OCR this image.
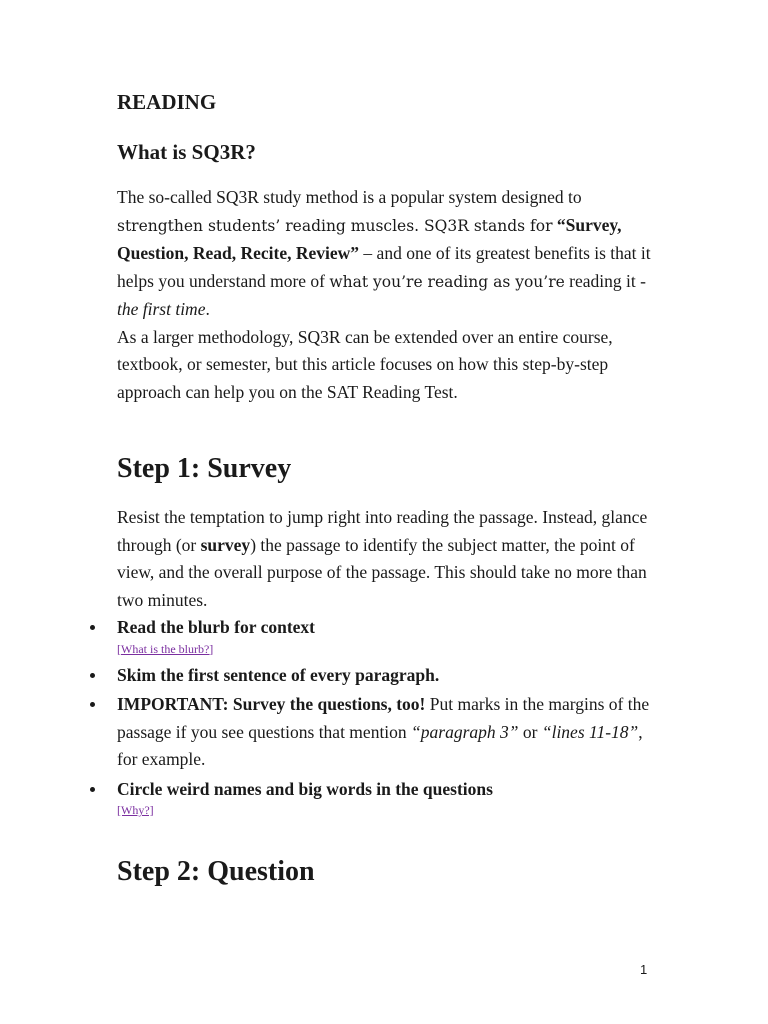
READING
What is SQ3R?

The so-called SQ3R study method is a popular system designed to strengthen students’ reading muscles. SQ3R stands for “Survey, Question, Read, Recite, Review” – and one of its greatest benefits is that it helps you understand more of what you’re reading as you’re reading it - the first time.

As a larger methodology, SQ3R can be extended over an entire course, textbook, or semester, but this article focuses on how this step-by-step approach can help you on the SAT Reading Test.

Step 1: Survey

Resist the temptation to jump right into reading the passage. Instead, glance through (or survey) the passage to identify the subject matter, the point of view, and the overall purpose of the passage. This should take no more than two minutes.

Read the blurb for context
[What is the blurb?]
Skim the first sentence of every paragraph.
IMPORTANT: Survey the questions, too! Put marks in the margins of the passage if you see questions that mention “paragraph 3” or “lines 11-18”, for example.
Circle weird names and big words in the questions
[Why?]
Step 2: Question
1
